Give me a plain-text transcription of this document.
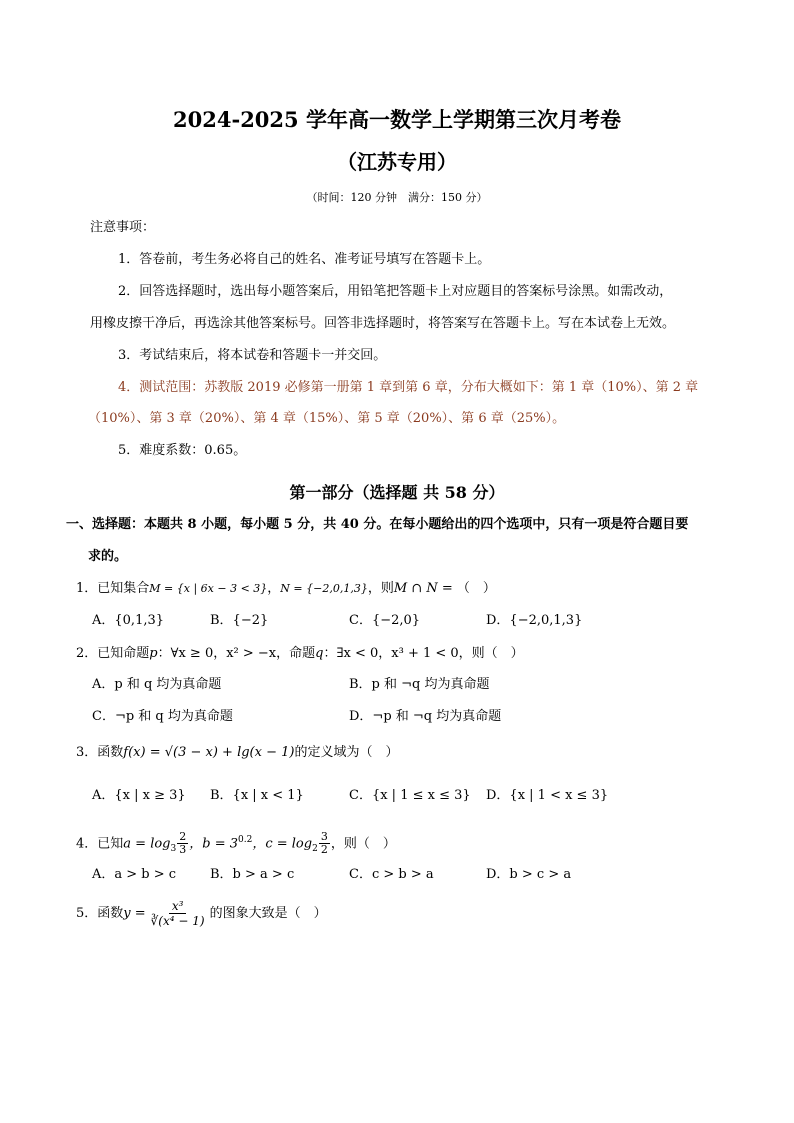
2024-2025 学年高一数学上学期第三次月考卷
（江苏专用）
（时间：120 分钟　满分：150 分）
注意事项：
1．答卷前，考生务必将自己的姓名、准考证号填写在答题卡上。
2．回答选择题时，选出每小题答案后，用铅笔把答题卡上对应题目的答案标号涂黑。如需改动，
用橡皮擦干净后，再选涂其他答案标号。回答非选择题时，将答案写在答题卡上。写在本试卷上无效。
3．考试结束后，将本试卷和答题卡一并交回。
4．测试范围：苏教版 2019 必修第一册第 1 章到第 6 章，分布大概如下：第 1 章（10%）、第 2 章
（10%）、第 3 章（20%）、第 4 章（15%）、第 5 章（20%）、第 6 章（25%）。
5．难度系数：0.65。
第一部分（选择题 共 58 分）
一、选择题：本题共 8 小题，每小题 5 分，共 40 分。在每小题给出的四个选项中，只有一项是符合题目要
求的。
1．已知集合M = {x | 6x − 3 < 3}，N = {−2,0,1,3}，则M ∩ N = （　）
A．{0,1,3}	B．{−2}	C．{−2,0}	D．{−2,0,1,3}
2．已知命题p：∀x ≥ 0，x² > −x，命题q：∃x < 0，x³ + 1 < 0，则（　）
A．p 和 q 均为真命题	B．p 和 ¬q 均为真命题
C．¬p 和 q 均为真命题	D．¬p 和 ¬q 均为真命题
3．函数f(x) = √(3 − x) + lg(x − 1)的定义域为（　）
A．{x | x ≥ 3} B．{x | x < 1}	C．{x | 1 ≤ x ≤ 3} D．{x | 1 < x ≤ 3}
4．已知$a = \log_3 \frac{2}{3}$ ，$b = 3^{0.2}$，$c = \log_2 \frac{3}{2}$ ，则（　）
A．a > b > c	B．b > a > c	C．c > b > a	D．b > c > a
5．函数$y = \frac{\text{x³}}{\text{∛(x⁴ − 1)}}$ 的图象大致是（　）
